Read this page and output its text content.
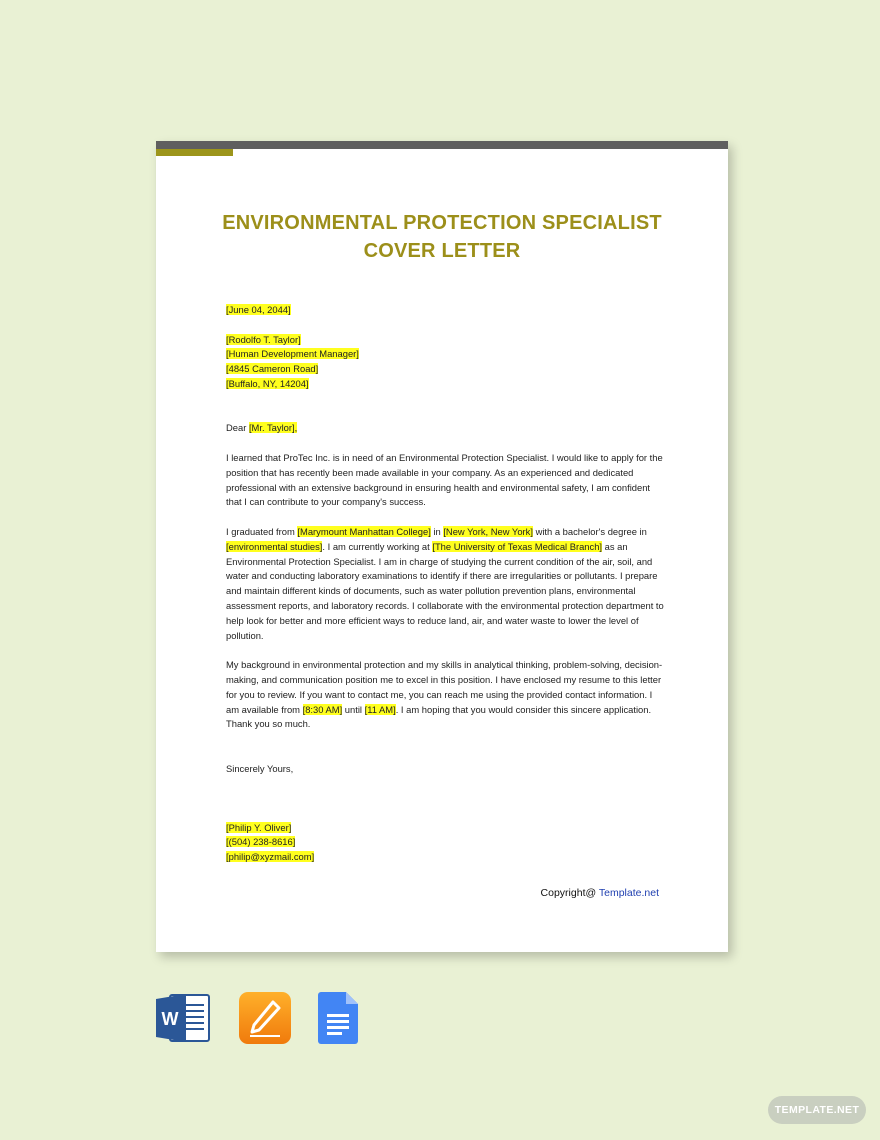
ENVIRONMENTAL PROTECTION SPECIALIST
COVER LETTER

[June 04, 2044]

[Rodolfo T. Taylor]

[Human Development Manager]

[4845 Cameron Road]

[Buffalo, NY, 14204]

Dear [Mr. Taylor],

I learned that ProTec Inc. is in need of an Environmental Protection Specialist. I would like to apply for the position that has recently been made available in your company. As an experienced and dedicated professional with an extensive background in ensuring health and environmental safety, I am confident that I can contribute to your company's success.

I graduated from [Marymount Manhattan College] in [New York, New York] with a bachelor's degree in [environmental studies]. I am currently working at [The University of Texas Medical Branch] as an Environmental Protection Specialist. I am in charge of studying the current condition of the air, soil, and water and conducting laboratory examinations to identify if there are irregularities or pollutants. I prepare and maintain different kinds of documents, such as water pollution prevention plans, environmental assessment reports, and laboratory records. I collaborate with the environmental protection department to help look for better and more efficient ways to reduce land, air, and water waste to lower the level of pollution.

My background in environmental protection and my skills in analytical thinking, problem-solving, decision-making, and communication position me to excel in this position. I have enclosed my resume to this letter for you to review. If you want to contact me, you can reach me using the provided contact information. I am available from [8:30 AM] until [11 AM]. I am hoping that you would consider this sincere application. Thank you so much.

Sincerely Yours,

[Philip Y. Oliver]

[(504) 238-8616]

[philip@xyzmail.com]

Copyright@ Template.net
W
TEMPLATE.NET
